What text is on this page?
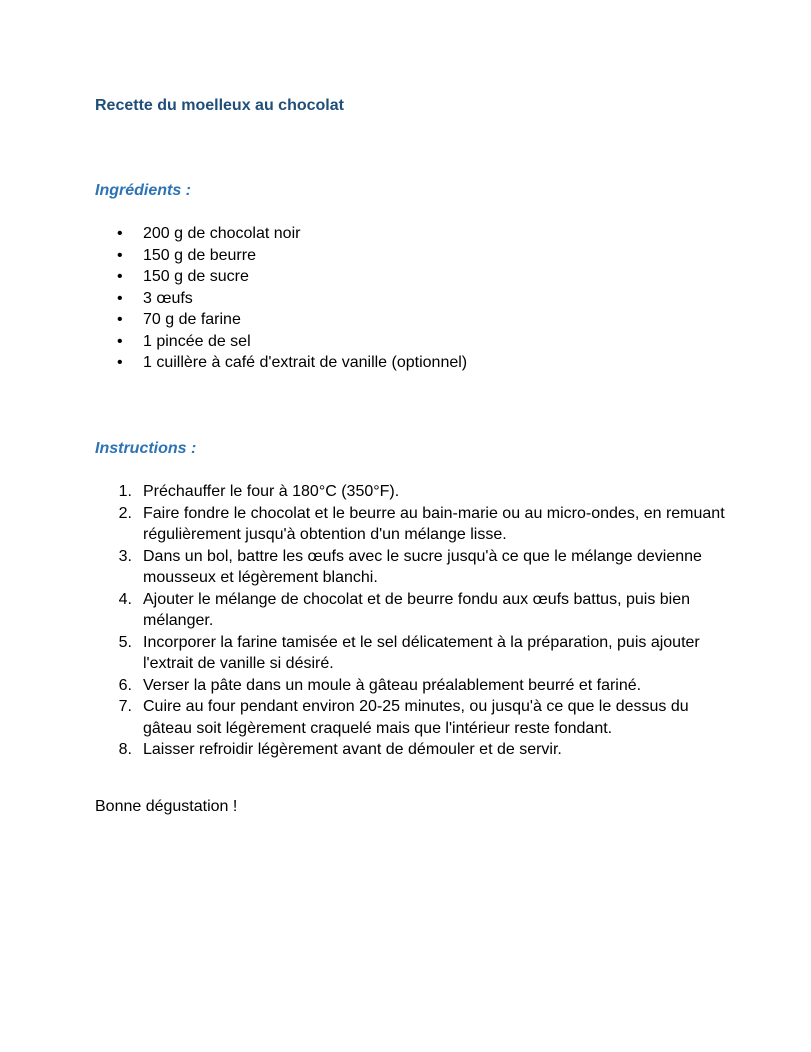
Recette du moelleux au chocolat
Ingrédients :
• 200 g de chocolat noir
• 150 g de beurre
• 150 g de sucre
• 3 œufs
• 70 g de farine
• 1 pincée de sel
• 1 cuillère à café d'extrait de vanille (optionnel)
Instructions :
1. Préchauffer le four à 180°C (350°F).
2. Faire fondre le chocolat et le beurre au bain-marie ou au micro-ondes, en remuant régulièrement jusqu'à obtention d'un mélange lisse.
3. Dans un bol, battre les œufs avec le sucre jusqu'à ce que le mélange devienne mousseux et légèrement blanchi.
4. Ajouter le mélange de chocolat et de beurre fondu aux œufs battus, puis bien mélanger.
5. Incorporer la farine tamisée et le sel délicatement à la préparation, puis ajouter l'extrait de vanille si désiré.
6. Verser la pâte dans un moule à gâteau préalablement beurré et fariné.
7. Cuire au four pendant environ 20-25 minutes, ou jusqu'à ce que le dessus du gâteau soit légèrement craquelé mais que l'intérieur reste fondant.
8. Laisser refroidir légèrement avant de démouler et de servir.

Bonne dégustation !
